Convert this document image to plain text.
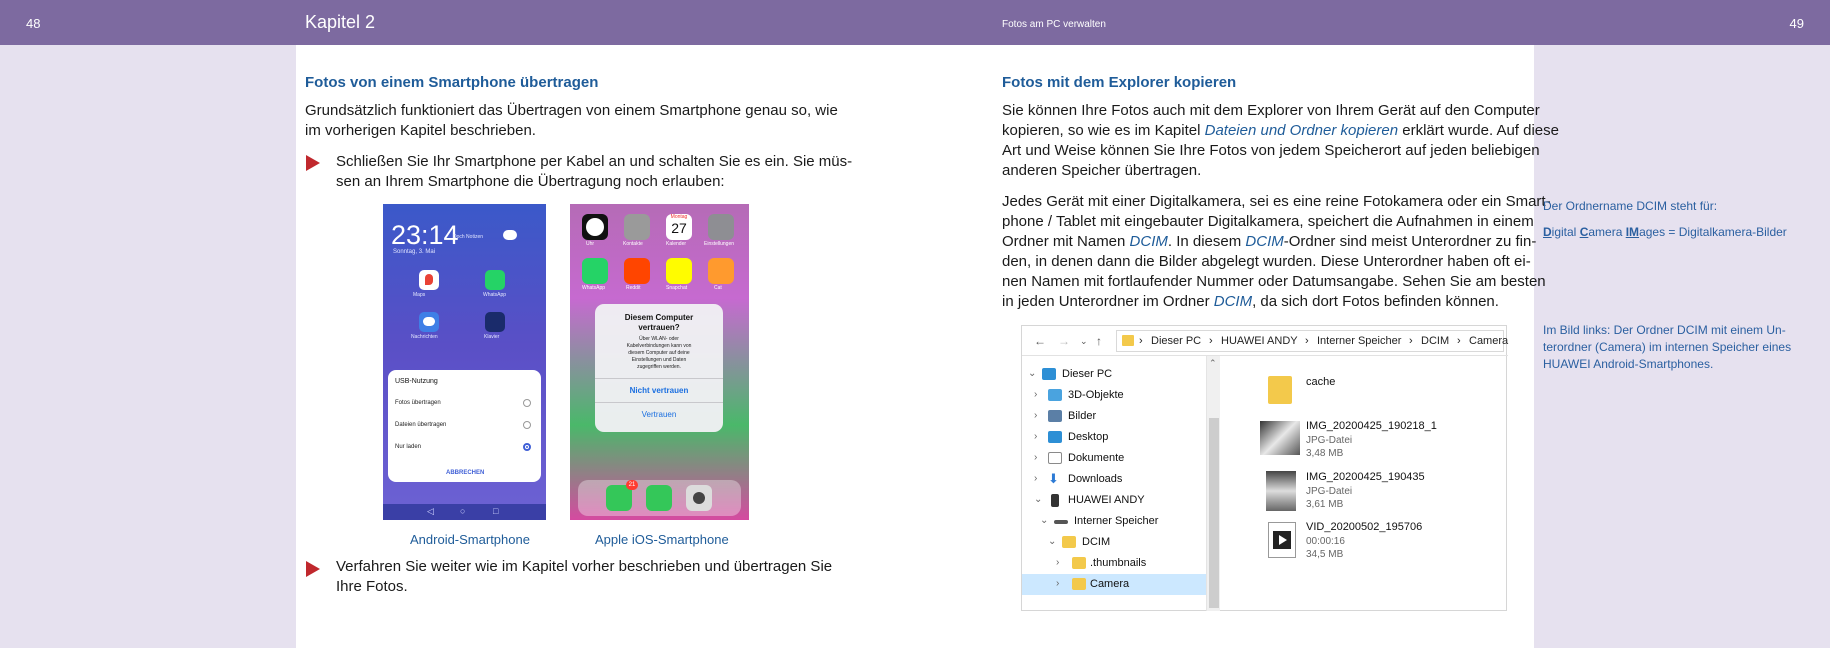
48	Kapitel 2	Fotos am PC verwalten	49
Fotos von einem Smartphone übertragen
Grundsätzlich funktioniert das Übertragen von einem Smartphone genau so, wie
im vorherigen Kapitel beschrieben.
Schließen Sie Ihr Smartphone per Kabel an und schalten Sie es ein. Sie müs-
sen an Ihrem Smartphone die Übertragung noch erlauben:
23:14
Sonntag, 3. Mai
Doch Notizen
Maps	WhatsApp
Nachrichten	Klavier
USB-Nutzung
Fotos übertragen
Dateien übertragen
Nur laden
ABBRECHEN
◁	○	□
Uhr	Kontakte
Montag
27
Kalender	Einstellungen
WhatsApp	Reddit	Snapchat	Cat
Diesem Computer
vertrauen?
Über WLAN- oder
Kabelverbindungen kann von
diesem Computer auf deine
Einstellungen und Daten
zugegriffen werden.
Nicht vertrauen
Vertrauen
21
Android-Smartphone	Apple iOS-Smartphone
Verfahren Sie weiter wie im Kapitel vorher beschrieben und übertragen Sie
Ihre Fotos.
Fotos mit dem Explorer kopieren
Sie können Ihre Fotos auch mit dem Explorer von Ihrem Gerät auf den Computer
kopieren, so wie es im Kapitel Dateien und Ordner kopieren erklärt wurde. Auf diese
Art und Weise können Sie Ihre Fotos von jedem Speicherort auf jeden beliebigen
anderen Speicher übertragen.
Jedes Gerät mit einer Digitalkamera, sei es eine reine Fotokamera oder ein Smart-
phone / Tablet mit eingebauter Digitalkamera, speichert die Aufnahmen in einem
Ordner mit Namen DCIM. In diesem DCIM-Ordner sind meist Unterordner zu fin-
den, in denen dann die Bilder abgelegt wurden. Diese Unterordner haben oft ei-
nen Namen mit fortlaufender Nummer oder Datumsangabe. Sehen Sie am besten
in jeden Unterordner im Ordner DCIM, da sich dort Fotos befinden können.
← → ⌄ ↑	› Dieser PC › HUAWEI ANDY › Interner Speicher › DCIM › Camera
⌄ Dieser PC
›	3D-Objekte
›	Bilder
›	Desktop
›	Dokumente
› ⬇ Downloads
⌄ HUAWEI ANDY
⌄ Interner Speicher
⌄ DCIM
›	.thumbnails
›	Camera
⌃
cache
IMG_20200425_190218_1
JPG-Datei
3,48 MB
IMG_20200425_190435
JPG-Datei
3,61 MB
VID_20200502_195706
00:00:16
34,5 MB
Der Ordnername DCIM steht für:
Digital Camera IMages = Digitalkamera-Bilder
Im Bild links: Der Ordner DCIM mit einem Un-
terordner (Camera) im internen Speicher eines
HUAWEI Android-Smartphones.
